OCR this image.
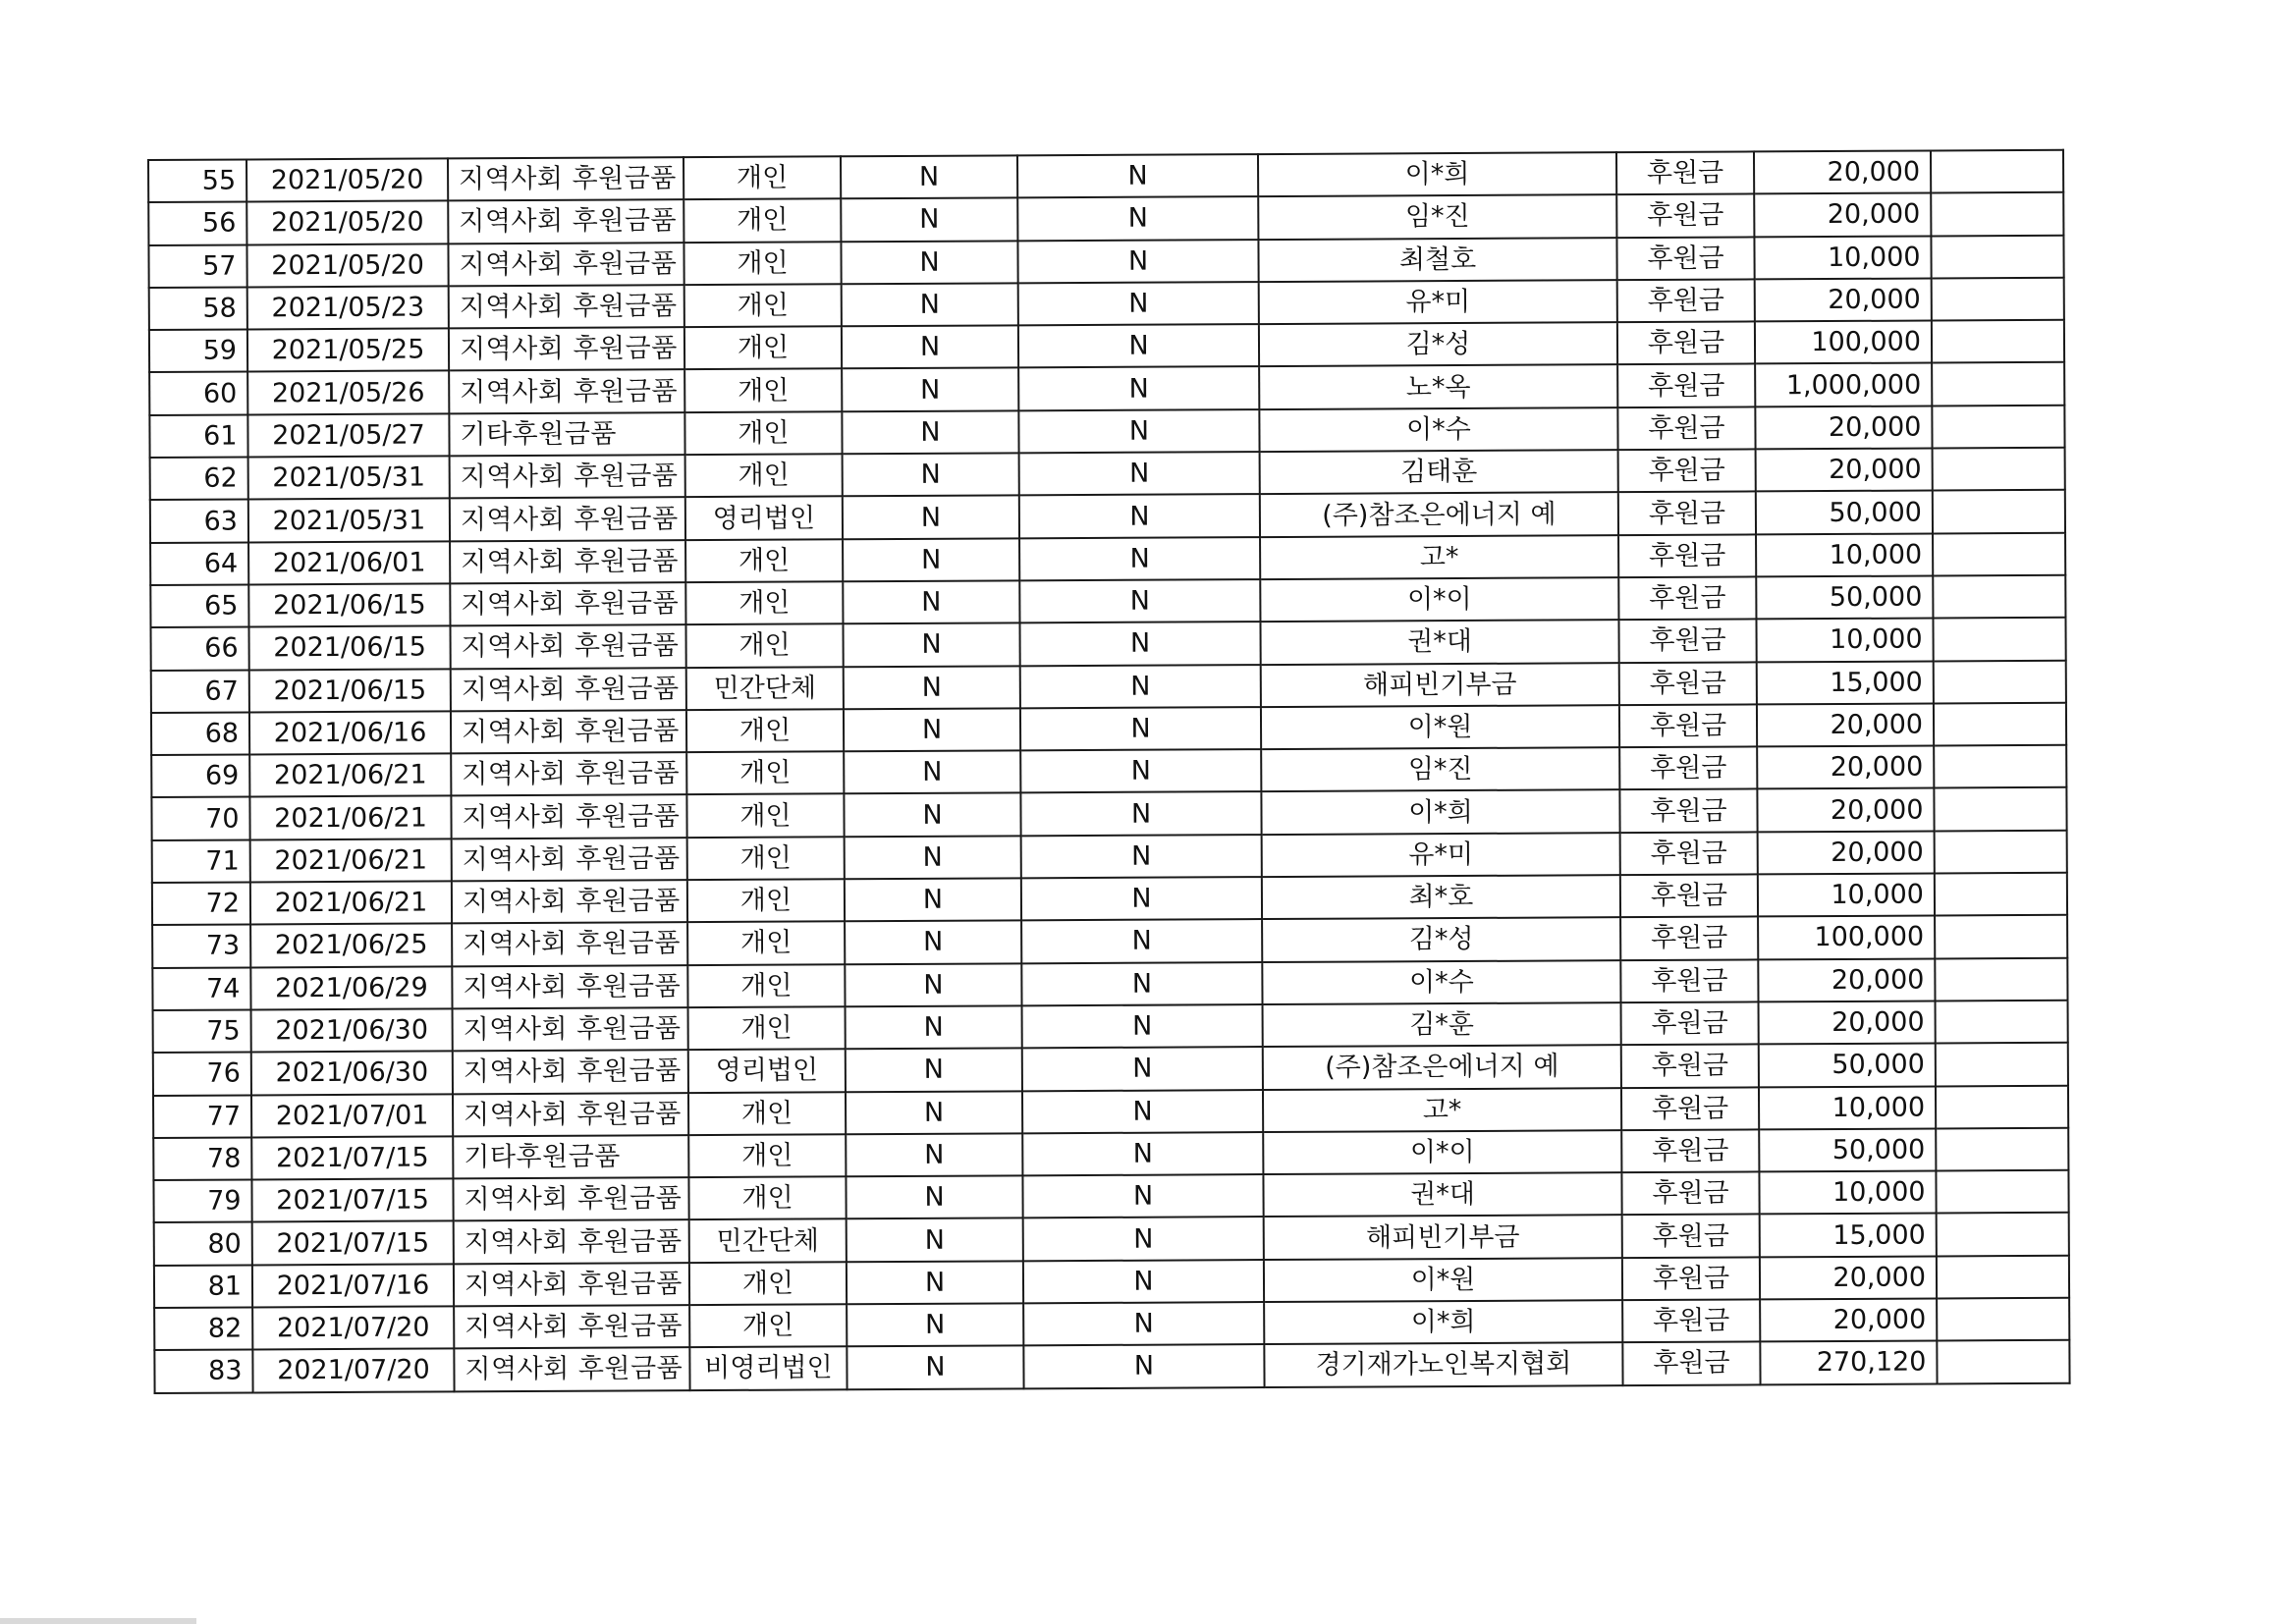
55	2021/05/20	지역사회 후원금품	개인	N	N	이*희	후원금	20,000	
56	2021/05/20	지역사회 후원금품	개인	N	N	임*진	후원금	20,000	
57	2021/05/20	지역사회 후원금품	개인	N	N	최철호	후원금	10,000	
58	2021/05/23	지역사회 후원금품	개인	N	N	유*미	후원금	20,000	
59	2021/05/25	지역사회 후원금품	개인	N	N	김*성	후원금	100,000	
60	2021/05/26	지역사회 후원금품	개인	N	N	노*옥	후원금	1,000,000	
61	2021/05/27	기타후원금품	개인	N	N	이*수	후원금	20,000	
62	2021/05/31	지역사회 후원금품	개인	N	N	김태훈	후원금	20,000	
63	2021/05/31	지역사회 후원금품	영리법인	N	N	(주)참조은에너지 예	후원금	50,000	
64	2021/06/01	지역사회 후원금품	개인	N	N	고*	후원금	10,000	
65	2021/06/15	지역사회 후원금품	개인	N	N	이*이	후원금	50,000	
66	2021/06/15	지역사회 후원금품	개인	N	N	권*대	후원금	10,000	
67	2021/06/15	지역사회 후원금품	민간단체	N	N	해피빈기부금	후원금	15,000	
68	2021/06/16	지역사회 후원금품	개인	N	N	이*원	후원금	20,000	
69	2021/06/21	지역사회 후원금품	개인	N	N	임*진	후원금	20,000	
70	2021/06/21	지역사회 후원금품	개인	N	N	이*희	후원금	20,000	
71	2021/06/21	지역사회 후원금품	개인	N	N	유*미	후원금	20,000	
72	2021/06/21	지역사회 후원금품	개인	N	N	최*호	후원금	10,000	
73	2021/06/25	지역사회 후원금품	개인	N	N	김*성	후원금	100,000	
74	2021/06/29	지역사회 후원금품	개인	N	N	이*수	후원금	20,000	
75	2021/06/30	지역사회 후원금품	개인	N	N	김*훈	후원금	20,000	
76	2021/06/30	지역사회 후원금품	영리법인	N	N	(주)참조은에너지 예	후원금	50,000	
77	2021/07/01	지역사회 후원금품	개인	N	N	고*	후원금	10,000	
78	2021/07/15	기타후원금품	개인	N	N	이*이	후원금	50,000	
79	2021/07/15	지역사회 후원금품	개인	N	N	권*대	후원금	10,000	
80	2021/07/15	지역사회 후원금품	민간단체	N	N	해피빈기부금	후원금	15,000	
81	2021/07/16	지역사회 후원금품	개인	N	N	이*원	후원금	20,000	
82	2021/07/20	지역사회 후원금품	개인	N	N	이*희	후원금	20,000	
83	2021/07/20	지역사회 후원금품	비영리법인	N	N	경기재가노인복지협회	후원금	270,120	
